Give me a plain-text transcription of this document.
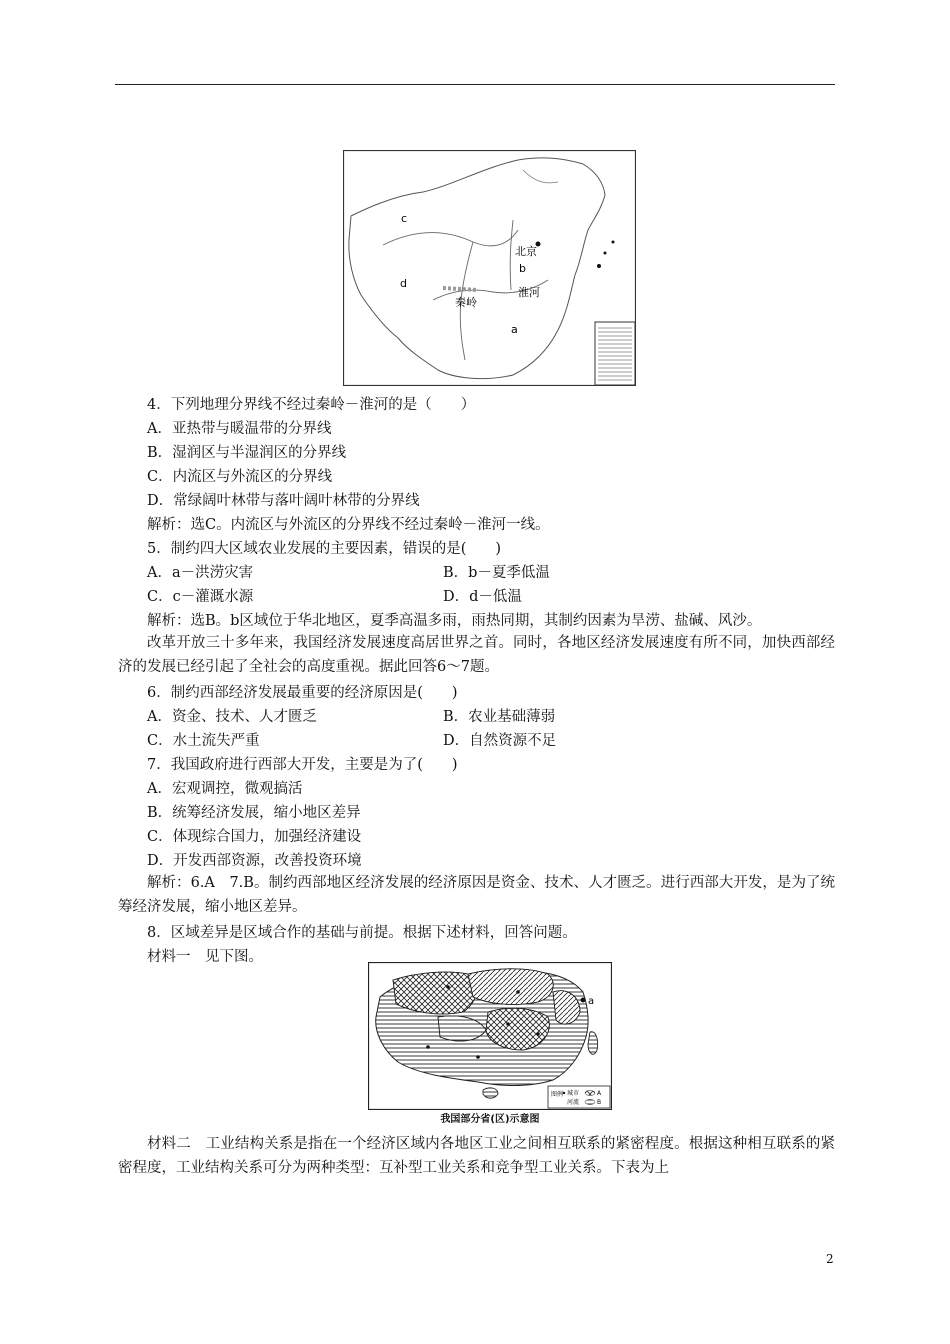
c
北京
b
d
淮河
秦岭
a
4．下列地理分界线不经过秦岭－淮河的是（　　）
A．亚热带与暖温带的分界线
B．湿润区与半湿润区的分界线
C．内流区与外流区的分界线
D．常绿阔叶林带与落叶阔叶林带的分界线
解析：选C。内流区与外流区的分界线不经过秦岭－淮河一线。
5．制约四大区域农业发展的主要因素，错误的是(　　)
A．a－洪涝灾害	B．b－夏季低温
C．c－灌溉水源	D．d－低温
解析：选B。b区域位于华北地区，夏季高温多雨，雨热同期，其制约因素为旱涝、盐碱、风沙。
改革开放三十多年来，我国经济发展速度高居世界之首。同时，各地区经济发展速度有所不同，加快西部经济的发展已经引起了全社会的高度重视。据此回答6～7题。
6．制约西部经济发展最重要的经济原因是(　　)
A．资金、技术、人才匮乏	B．农业基础薄弱
C．水土流失严重	D．自然资源不足
7．我国政府进行西部大开发，主要是为了(　　)
A．宏观调控，微观搞活
B．统筹经济发展，缩小地区差异
C．体现综合国力，加强经济建设
D．开发西部资源，改善投资环境
解析：6.A　7.B。制约西部地区经济发展的经济原因是资金、技术、人才匮乏。进行西部大开发，是为了统筹经济发展，缩小地区差异。
8．区域差异是区域合作的基础与前提。根据下述材料，回答问题。
材料一　见下图。
a
图例 城市
河流
A
B
我国部分省(区)示意图
材料二　工业结构关系是指在一个经济区域内各地区工业之间相互联系的紧密程度。根据这种相互联系的紧密程度，工业结构关系可分为两种类型：互补型工业关系和竞争型工业关系。下表为上
2
